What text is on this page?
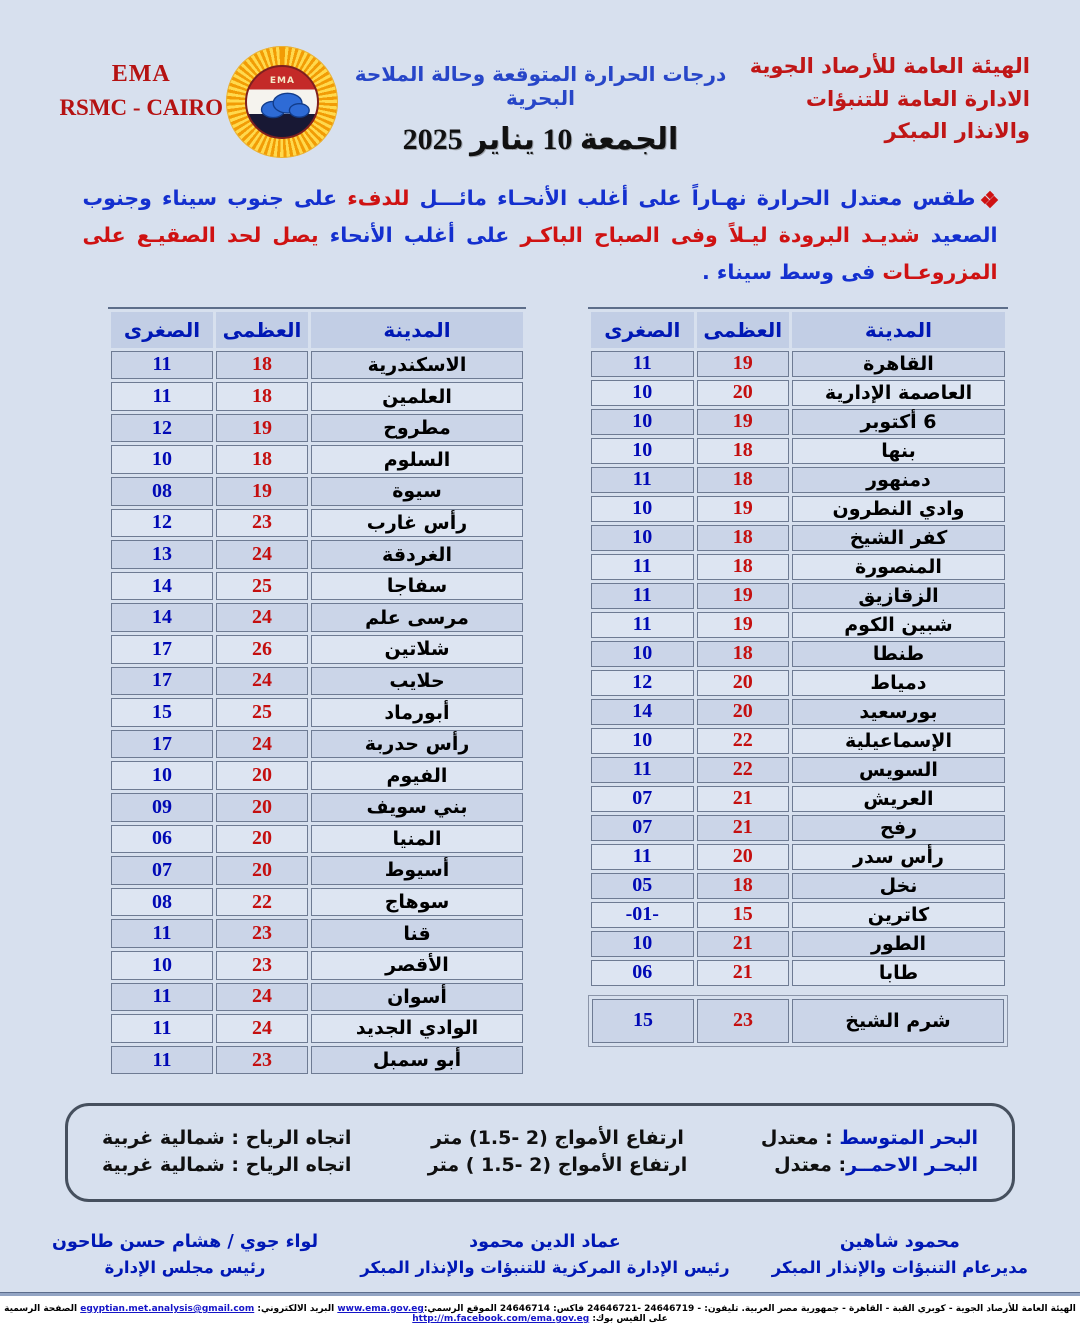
EMA
RSMC - CAIRO
EMA	درجات الحرارة المتوقعة وحالة الملاحة البحرية
الجمعة 10 يناير 2025
الهيئة العامة للأرصاد الجوية
الادارة العامة للتنبؤات والانذار المبكر
طقس معتدل الحرارة نهـاراً على أغلب الأنحـاء مائـــل للدفء على جنوب سيناء وجنوب الصعيد شديـد البرودة ليـلاً وفى الصباح الباكـر على أغلب الأنحاء يصل لحد الصقيـع على المزروعـات فى وسط سيناء .
المدينة	العظمى	الصغرى
القاهرة	19	11
العاصمة الإدارية	20	10
6 أكتوبر	19	10
بنها	18	10
دمنهور	18	11
وادي النطرون	19	10
كفر الشيخ	18	10
المنصورة	18	11
الزقازيق	19	11
شبين الكوم	19	11
طنطا	18	10
دمياط	20	12
بورسعيد	20	14
الإسماعيلية	22	10
السويس	22	11
العريش	21	07
رفح	21	07
رأس سدر	20	11
نخل	18	05
كاترين	15	-01-
الطور	21	10
طابا	21	06
شرم الشيخ	23	15
المدينة	العظمى	الصغرى
الاسكندرية	18	11
العلمين	18	11
مطروح	19	12
السلوم	18	10
سيوة	19	08
رأس غارب	23	12
الغردقة	24	13
سفاجا	25	14
مرسى علم	24	14
شلاتين	26	17
حلايب	24	17
أبورماد	25	15
رأس حدربة	24	17
الفيوم	20	10
بني سويف	20	09
المنيا	20	06
أسيوط	20	07
سوهاج	22	08
قنا	23	11
الأقصر	23	10
أسوان	24	11
الوادي الجديد	24	11
أبو سمبل	23	11
البحر المتوسط : معتدل
ارتفاع الأمواج (1.5- 2) متر
اتجاه الرياح : شمالية غربية
البحـر الاحمــر: معتدل
ارتفاع الأمواج ( 1.5- 2) متر
اتجاه الرياح : شمالية غربية
محمود شاهين
مديرعام التنبؤات والإنذار المبكر
عماد الدين محمود
رئيس الإدارة المركزية للتنبؤات والإنذار المبكر
لواء جوي / هشام حسن طاحون
رئيس مجلس الإدارة
الهيئة العامة للأرصاد الجوية - كوبري القبة - القاهرة - جمهورية مصر العربية. تليفون: - 24646719 -24646721 فاكس: 24646714 الموقع الرسمي:www.ema.gov.eg البريد الالكتروني: egyptian.met.analysis@gmail.com الصفحة الرسمية على الفيس بوك: http://m.facebook.com/ema.gov.eg
